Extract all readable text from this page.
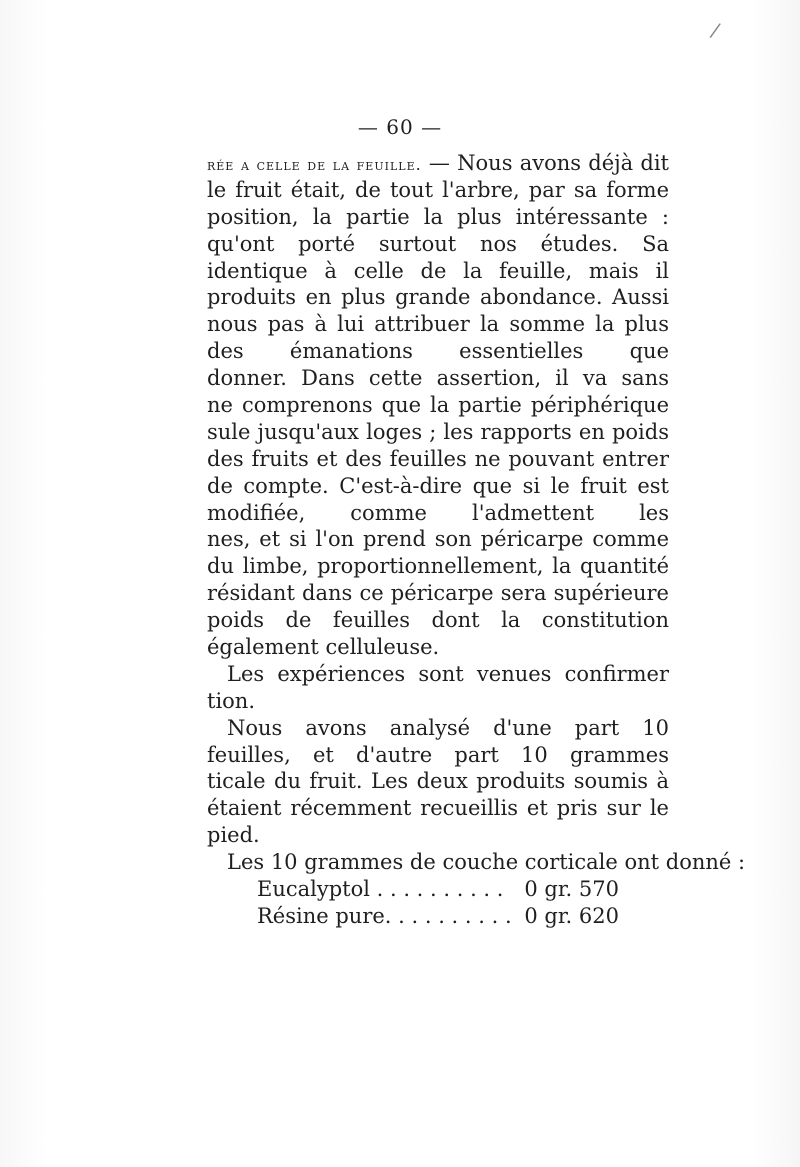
/
— 60 —
rée a celle de la feuille. — Nous avons déjà dit
le fruit était, de tout l'arbre, par sa forme
position, la partie la plus intéressante :
qu'ont porté surtout nos études. Sa
identique à celle de la feuille, mais il
produits en plus grande abondance. Aussi
nous pas à lui attribuer la somme la plus
des émanations essentielles que
donner. Dans cette assertion, il va sans
ne comprenons que la partie périphérique
sule jusqu'aux loges ; les rapports en poids
des fruits et des feuilles ne pouvant entrer
de compte. C'est-à-dire que si le fruit est
modifiée, comme l'admettent les
nes, et si l'on prend son péricarpe comme
du limbe, proportionnellement, la quantité
résidant dans ce péricarpe sera supérieure
poids de feuilles dont la constitution
également celluleuse.
Les expériences sont venues confirmer
tion.
Nous avons analysé d'une part 10
feuilles, et d'autre part 10 grammes
ticale du fruit. Les deux produits soumis à
étaient récemment recueillis et pris sur le
pied.
Les 10 grammes de couche corticale ont donné :
Eucalyptol . . . . . . . . . . 0 gr. 570
Résine pure. . . . . . . . . . 0 gr. 620
